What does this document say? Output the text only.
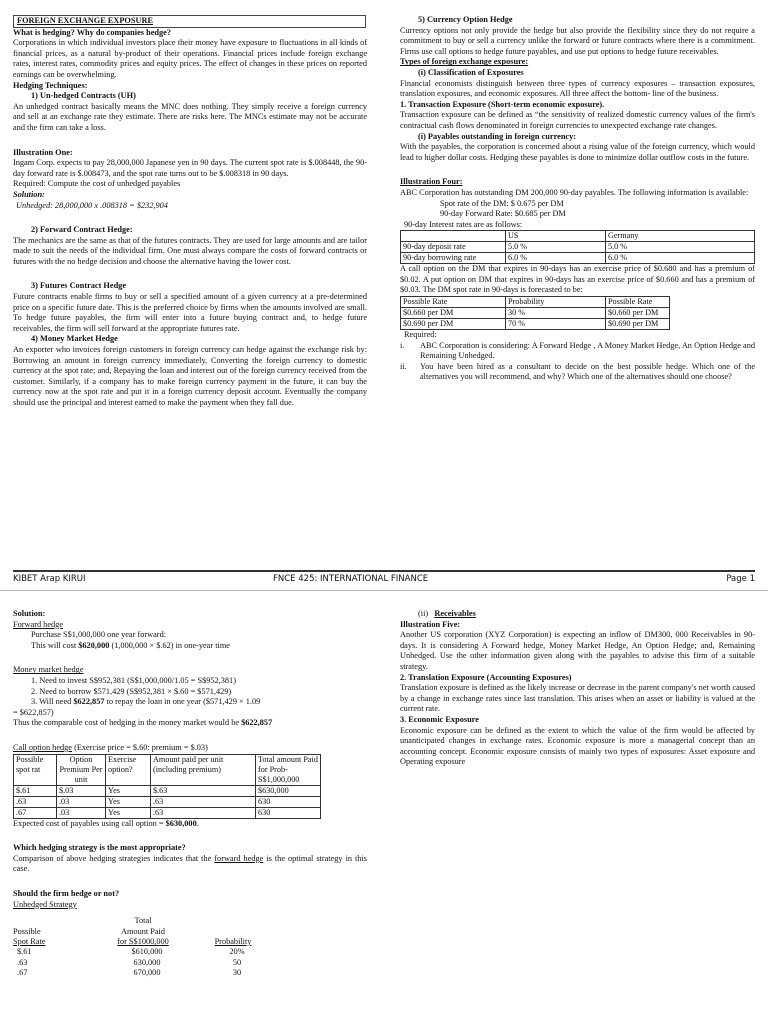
FOREIGN EXCHANGE EXPOSURE

What is hedging? Why do companies hedge?

Corporations in which individual investors place their money have exposure to fluctuations in all kinds of financial prices, as a natural by-product of their operations. Financial prices include foreign exchange rates, interest rates, commodity prices and equity prices. The effect of changes in these prices on reported earnings can be overwhelming.

Hedging Techniques:

1) Un-hedged Contracts (UH)

An unhedged contract basically means the MNC does nothing. They simply receive a foreign currency and sell at an exchange rate they estimate. There are risks here. The MNCs estimate may not be accurate and the firm can take a loss.

Illustration One:

Ingam Corp. expects to pay 28,000,000 Japanese yen in 90 days. The current spot rate is $.008448, the 90-day forward rate is $.008473, and the spot rate turns out to be $.008318 in 90 days.

Required: Compute the cost of unhedged payables

Solution:

Unhedged: 28,000,000 x .008318 = $232,904

2) Forward Contract Hedge:

The mechanics are the same as that of the futures contracts. They are used for large amounts and are tailor made to suit the needs of the individual firm. One must always compare the costs of forward contracts or futures with the no hedge decision and choose the alternative having the lower cost.

3) Futures Contract Hedge

Future contracts enable firms to buy or sell a specified amount of a given currency at a pre-determined price on a specific future date. This is the preferred choice by firms when the amounts involved are small. To hedge future payables, the firm will enter into a future buying contract and, to hedge future receivables, the firm will sell forward at the appropriate futures rate.

4) Money Market Hedge

An exporter who invoices foreign customers in foreign currency can hedge against the exchange risk by: Borrowing an amount in foreign currency immediately, Converting the foreign currency to domestic currency at the spot rate; and, Repaying the loan and interest out of the foreign currency received from the customer. Similarly, if a company has to make foreign currency payment in the future, it can buy the currency now at the spot rate and put it in a foreign currency deposit account. Eventually the company should use the principal and interest earned to make the payment when they fall due.

5) Currency Option Hedge

Currency options not only provide the hedge but also provide the flexibility since they do not require a commitment to buy or sell a currency unlike the forward or future contracts where there is a commitment. Firms use call options to hedge future payables, and use put options to hedge future receivables.

Types of foreign exchange exposure:

(i) Classification of Exposures

Financial economists distinguish between three types of currency exposures – transaction exposures, translation exposures, and economic exposures. All three affect the bottom- line of the business.

1. Transaction Exposure (Short-term economic exposure).

Transaction exposure can be defined as “the sensitivity of realized domestic currency values of the firm's contractual cash flows denominated in foreign currencies to unexpected exchange rate changes.

(i) Payables outstanding in foreign currency:

With the payables, the corporation is concerned about a rising value of the foreign currency, which would lead to higher dollar costs. Hedging these payables is done to minimize dollar outflow costs in the future.

Illustration Four:

ABC Corporation has outstanding DM 200,000 90-day payables. The following information is available:

Spot rate of the DM: $ 0.675 per DM

90-day Forward Rate: $0.685 per DM

90-day Interest rates are as follows:

	US	Germany
90-day deposit rate	5.0 %	5.0 %
90-day borrowing rate	6.0 %	6.0 %

A call option on the DM that expires in 90-days has an exercise price of $0.680 and has a premium of $0.02. A put option on DM that expires in 90-days has an exercise price of $0.660 and has a premium of $0.03. The DM spot rate in 90-days is forecasted to be:

Possible Rate	Probability	Possible Rate
$0.660 per DM	30 %	$0.660 per DM
$0.690 per DM	70 %	$0.690 per DM

Required:

i.	ABC Corporation is considering: A Forward Hedge , A Money Market Hedge, An Option Hedge and Remaining Unhedged.
ii.	You have been hired as a consultant to decide on the best possible hedge. Which one of the alternatives you will recommend, and why? Which one of the alternatives should one choose?
KIBET Arap KIRUI	FNCE 425: INTERNATIONAL FINANCE	Page 1

Solution:

Forward hedge

Purchase S$1,000,000 one year forward:

This will cost $620,000 (1,000,000 × $.62) in one-year time

Money market hedge

1. Need to invest S$952,381 (S$1,000,000/1.05 = S$952,381)

2. Need to borrow $571,429 (S$952,381 × $.60 = $571,429)

3. Will need $622,857 to repay the loan in one year ($571,429 × 1.09

= $622,857)

Thus the comparable cost of hedging in the money market would be $622,857

Call option hedge (Exercise price = $.60: premium = $.03)

Possible spot rat	Option Premium Per unit	Exercise option?	Amount paid per unit (including premium)	Total amount Paid for Prob-S$1,000,000
$.61	$.03	Yes	$.63	$630,000
.63	.03	Yes	.63	630
.67	.03	Yes	.63	630

Expected cost of payables using call option = $630,000.

Which hedging strategy is the most appropriate?

Comparison of above hedging strategies indicates that the forward hedge is the optimal strategy in this case.

Should the firm hedge or not?

Unhedged Strategy

Total
Possible	Amount Paid
Spot Rate	for S$1000,000	Probability
$.61	$610,000	20%
.63	630,000	50
.67	670,000	30

(ii) Receivables

Illustration Five:

Another US corporation (XYZ Corporation) is expecting an inflow of DM300, 000 Receivables in 90-days. It is considering A Forward hedge, Money Market Hedge, An Option Hedge; and, Remaining Unhedged. Use the other information given along with the payables to advise this firm of a suitable strategy.

2. Translation Exposure (Accounting Exposures)

Translation exposure is defined as the likely increase or decrease in the parent company's net worth caused by a change in exchange rates since last translation. This arises when an asset or liability is valued at the current rate.

3. Economic Exposure

Economic exposure can be defined as the extent to which the value of the firm would be affected by unanticipated changes in exchange rates. Economic exposure is more a managerial concept than an accounting concept. Economic exposure consists of mainly two types of exposures: Asset exposure and Operating exposure
